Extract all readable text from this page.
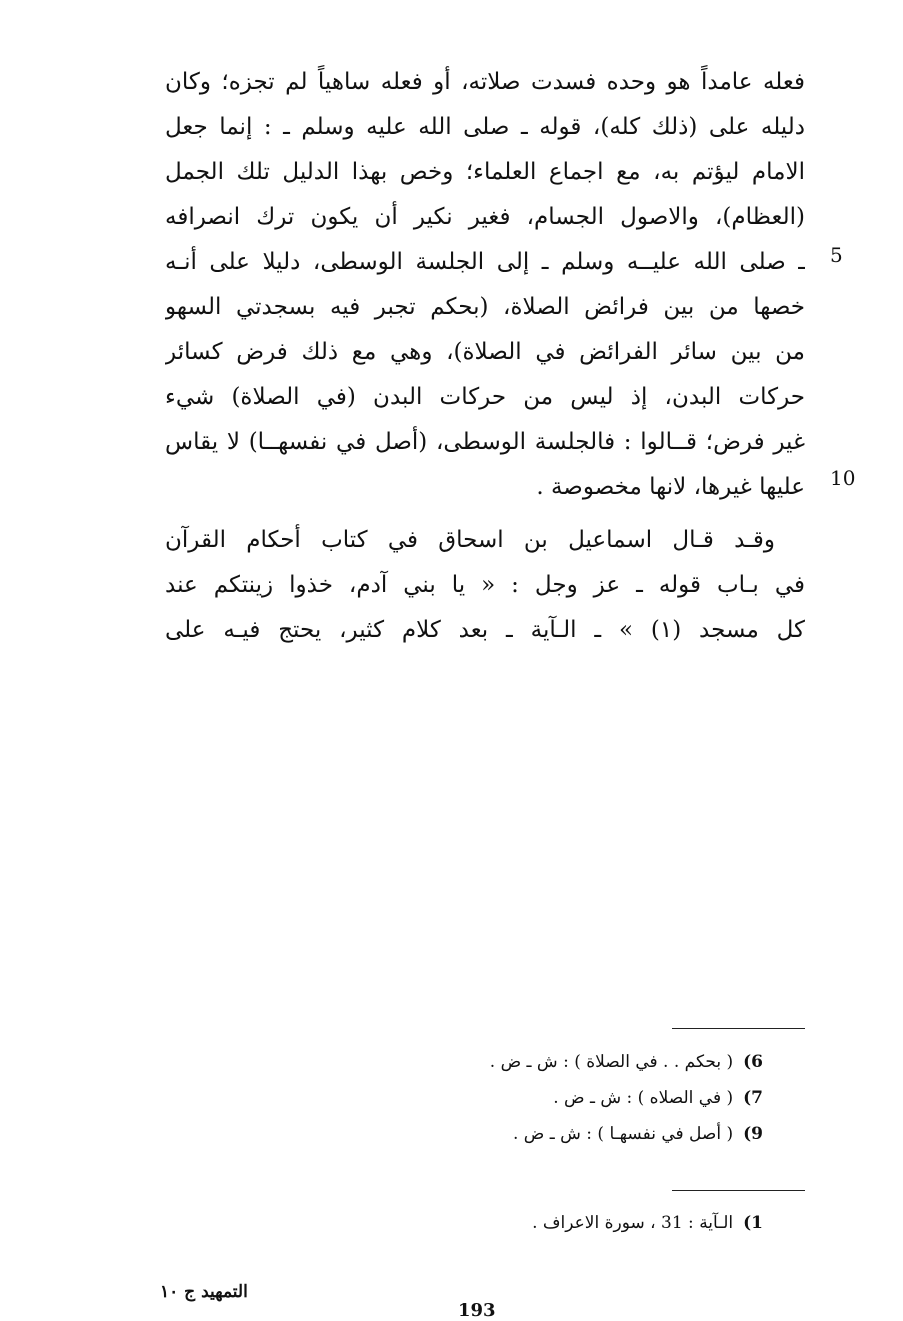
فعله عامداً هو وحده فسدت صلاته، أو فعله ساهياً لم تجزه؛ وكان
دليله على (ذلك كله)، قوله ـ صلى الله عليه وسلم ـ : إنما جعل
الامام ليؤتم به، مع اجماع العلماء؛ وخص بهذا الدليل تلك الجمل
(العظام)، والاصول الجسام، فغير نكير أن يكون ترك انصرافه
ـ صلى الله عليــه وسلم ـ إلى الجلسة الوسطى، دليلا على أنـه
خصها من بين فرائض الصلاة، (بحكم تجبر فيه بسجدتي السهو
من بين سائر الفرائض في الصلاة)، وهي مع ذلك فرض كسائر
حركات البدن، إذ ليس من حركات البدن (في الصلاة) شيء
غير فرض؛ قــالوا : فالجلسة الوسطى، (أصل في نفسهــا) لا يقاس
عليها غيرها، لانها مخصوصة .
5
10
وقـد قـال اسماعيل بن اسحاق في كتاب أحكام القرآن
في بـاب قوله ـ عز وجل : « يا بني آدم، خذوا زينتكم عند
كل مسجد (١) » ـ الـآية ـ بعد كلام كثير، يحتج فيـه على
6)( بحكم . . في الصلاة ) : ش ـ ض .
7)( في الصلاه ) : ش ـ ض .
9)( أصل في نفسهـا ) : ش ـ ض .
1)الـآية : 31 ، سورة الاعراف .
التمهيد ج ١٠
193
